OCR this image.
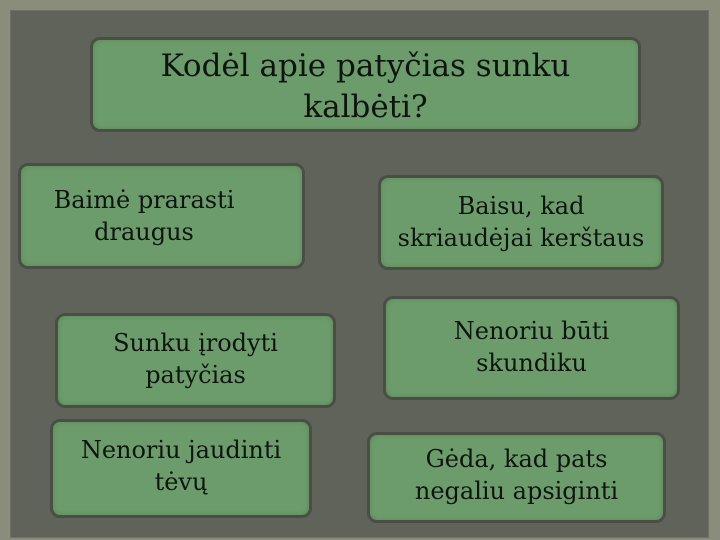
Kodėl apie patyčias sunku
kalbėti?
Baimė prarasti
draugus
Baisu, kad
skriaudėjai kerštaus
Sunku įrodyti
patyčias
Nenoriu būti
skundiku
Nenoriu jaudinti
tėvų
Gėda, kad pats
negaliu apsiginti
